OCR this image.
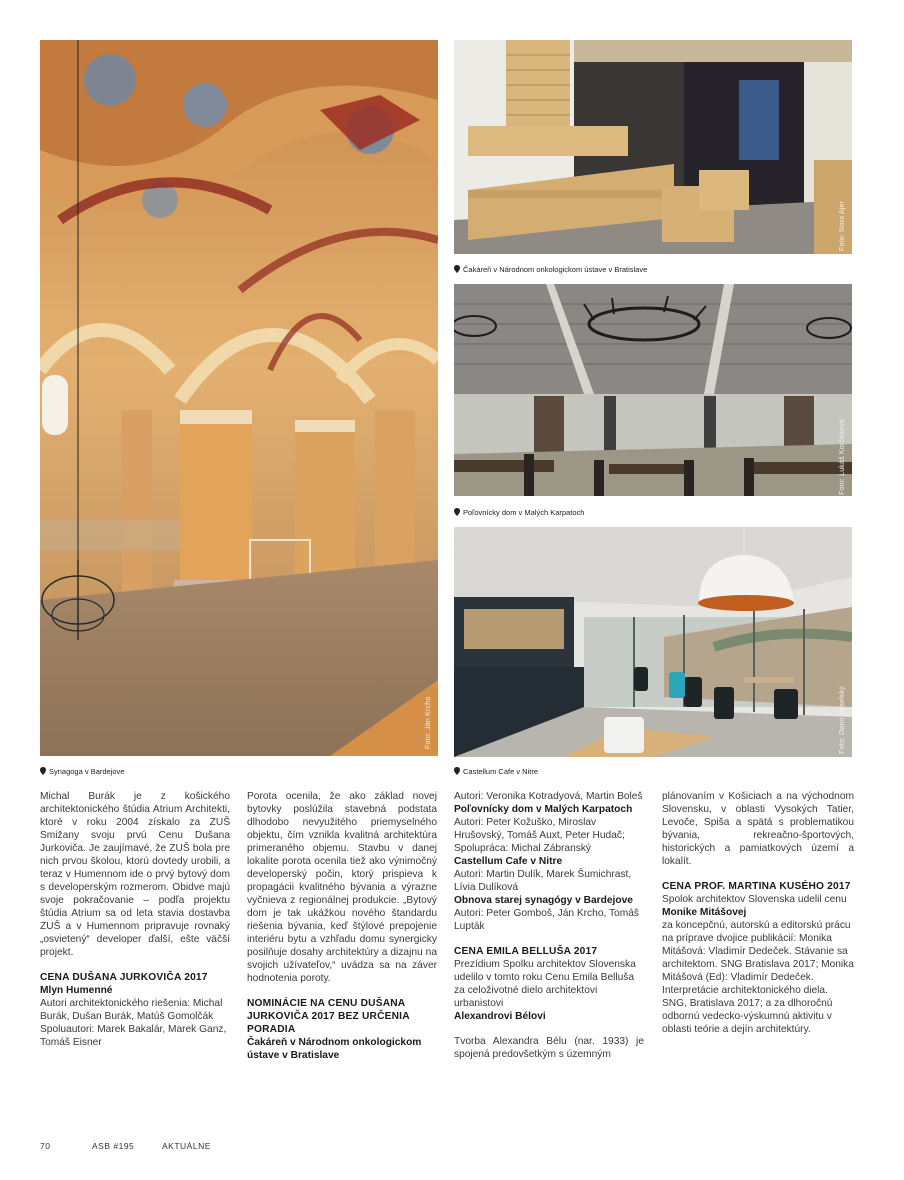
Foto: Ján Krcho
Synagoga v Bardejove
Foto: Nora Ajer
Čakáreň v Národnom onkologickom ústave v Bratislave
Foto: Lukáš Korčeková
Poľovnícky dom v Malých Karpatoch
Foto: Dano Veselský
Castellum Cafe v Nitre

Michal Burák je z košického architektonického štúdia Atrium Architekti, ktoré v roku 2004 získalo za ZUŠ Smižany svoju prvú Cenu Dušana Jurkoviča. Je zaujímavé, že ZUŠ bola pre nich prvou školou, ktorú dovtedy urobili, a teraz v Humennom ide o prvý bytový dom s developerským rozmerom. Obidve majú svoje pokračovanie – podľa projektu štúdia Atrium sa od leta stavia dostavba ZUŠ a v Humennom pripravuje rovnaký „osvietený“ developer ďalší, ešte väčší projekt.

CENA DUŠANA JURKOVIČA 2017

Mlyn Humenné

Autori architektonického riešenia: Michal Burák, Dušan Burák, Matúš Gomolčák

Spoluautori: Marek Bakalár, Marek Ganz, Tomáš Eisner

Porota ocenila, že ako základ novej bytovky poslúžila stavebná podstata dlhodobo nevyužitého priemyselného objektu, čím vznikla kvalitná architektúra primeraného objemu. Stavbu v danej lokalite porota ocenila tiež ako výnimočný developerský počin, ktorý prispieva k propagácii kvalitného bývania a výrazne vyčnieva z regionálnej produkcie. „Bytový dom je tak ukážkou nového štandardu riešenia bývania, keď štýlové prepojenie interiéru bytu a vzhľadu domu synergicky posilňuje dosahy architektúry a dizajnu na svojich užívateľov,“ uvádza sa na záver hodnotenia poroty.

NOMINÁCIE NA CENU DUŠANA JURKOVIČA 2017 BEZ URČENIA PORADIA

Čakáreň v Národnom onkologickom ústave v Bratislave

Autori: Veronika Kotradyová, Martin Boleš

Poľovnícky dom v Malých Karpatoch

Autori: Peter Kožuško, Miroslav Hrušovský, Tomáš Auxt, Peter Hudač; Spolupráca: Michal Zábranský

Castellum Cafe v Nitre

Autori: Martin Dulík, Marek Šumichrast, Lívia Dulíková

Obnova starej synagógy v Bardejove

Autori: Peter Gomboš, Ján Krcho, Tomáš Lupták

CENA EMILA BELLUŠA 2017

Prezídium Spolku architektov Slovenska udelilo v tomto roku Cenu Emila Belluša za celoživotné dielo architektovi urbanistovi

Alexandrovi Bélovi

Tvorba Alexandra Bélu (nar. 1933) je spojená predovšetkým s územným

plánovaním v Košiciach a na východnom Slovensku, v oblasti Vysokých Tatier, Levoče, Spiša a spätá s problematikou bývania, rekreačno-športových, historických a pamiatkových území a lokalít.

CENA PROF. MARTINA KUSÉHO 2017

Spolok architektov Slovenska udelil cenu

Monike Mitášovej

za koncepčnú, autorskú a editorskú prácu na príprave dvojice publikácií: Monika Mitášová: Vladimír Dedeček. Stávanie sa architektom. SNG Bratislava 2017; Monika Mitášová (Ed): Vladimír Dedeček. Interpretácie architektonického diela. SNG, Bratislava 2017; a za dlhoročnú odbornú vedecko-výskumnú aktivitu v oblasti teórie a dejín architektúry.

70	ASB #195	AKTUÁLNE
